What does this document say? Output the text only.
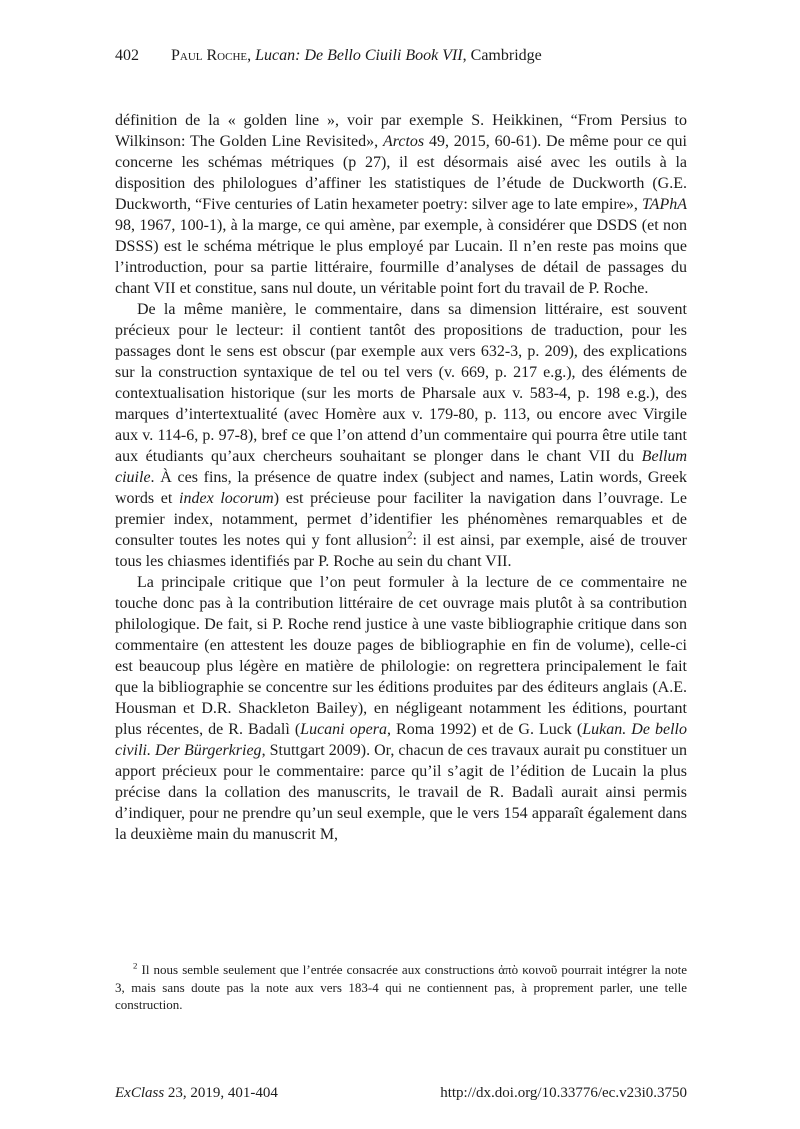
402 Paul Roche, Lucan: De Bello Ciuili Book VII, Cambridge

définition de la « golden line », voir par exemple S. Heikkinen, “From Persius to Wilkinson: The Golden Line Revisited», Arctos 49, 2015, 60-61). De même pour ce qui concerne les schémas métriques (p 27), il est désormais aisé avec les outils à la disposition des philologues d’affiner les statistiques de l’étude de Duckworth (G.E. Duckworth, “Five centuries of Latin hexameter poetry: silver age to late empire», TAPhA 98, 1967, 100-1), à la marge, ce qui amène, par exemple, à considérer que DSDS (et non DSSS) est le schéma métrique le plus employé par Lucain. Il n’en reste pas moins que l’introduction, pour sa partie littéraire, fourmille d’analyses de détail de passages du chant VII et constitue, sans nul doute, un véritable point fort du travail de P. Roche.

De la même manière, le commentaire, dans sa dimension littéraire, est souvent précieux pour le lecteur: il contient tantôt des propositions de traduction, pour les passages dont le sens est obscur (par exemple aux vers 632-3, p. 209), des explications sur la construction syntaxique de tel ou tel vers (v. 669, p. 217 e.g.), des éléments de contextualisation historique (sur les morts de Pharsale aux v. 583-4, p. 198 e.g.), des marques d’intertextualité (avec Homère aux v. 179-80, p. 113, ou encore avec Virgile aux v. 114-6, p. 97-8), bref ce que l’on attend d’un commentaire qui pourra être utile tant aux étudiants qu’aux chercheurs souhaitant se plonger dans le chant VII du Bellum ciuile. À ces fins, la présence de quatre index (subject and names, Latin words, Greek words et index locorum) est précieuse pour faciliter la navigation dans l’ouvrage. Le premier index, notamment, permet d’identifier les phénomènes remarquables et de consulter toutes les notes qui y font allusion$^2$: il est ainsi, par exemple, aisé de trouver tous les chiasmes identifiés par P. Roche au sein du chant VII.

La principale critique que l’on peut formuler à la lecture de ce commentaire ne touche donc pas à la contribution littéraire de cet ouvrage mais plutôt à sa contribution philologique. De fait, si P. Roche rend justice à une vaste bibliographie critique dans son commentaire (en attestent les douze pages de bibliographie en fin de volume), celle-ci est beaucoup plus légère en matière de philologie: on regrettera principalement le fait que la bibliographie se concentre sur les éditions produites par des éditeurs anglais (A.E. Housman et D.R. Shackleton Bailey), en négligeant notamment les éditions, pourtant plus récentes, de R. Badalì (Lucani opera, Roma 1992) et de G. Luck (Lukan. De bello civili. Der Bürgerkrieg, Stuttgart 2009). Or, chacun de ces travaux aurait pu constituer un apport précieux pour le commentaire: parce qu’il s’agit de l’édition de Lucain la plus précise dans la collation des manuscrits, le travail de R. Badalì aurait ainsi permis d’indiquer, pour ne prendre qu’un seul exemple, que le vers 154 apparaît également dans la deuxième main du manuscrit M,

$^2$ Il nous semble seulement que l’entrée consacrée aux constructions ἀπὸ κοινοῦ pourrait intégrer la note 3, mais sans doute pas la note aux vers 183-4 qui ne contiennent pas, à proprement parler, une telle construction.

ExClass 23, 2019, 401-404	http://dx.doi.org/10.33776/ec.v23i0.3750
